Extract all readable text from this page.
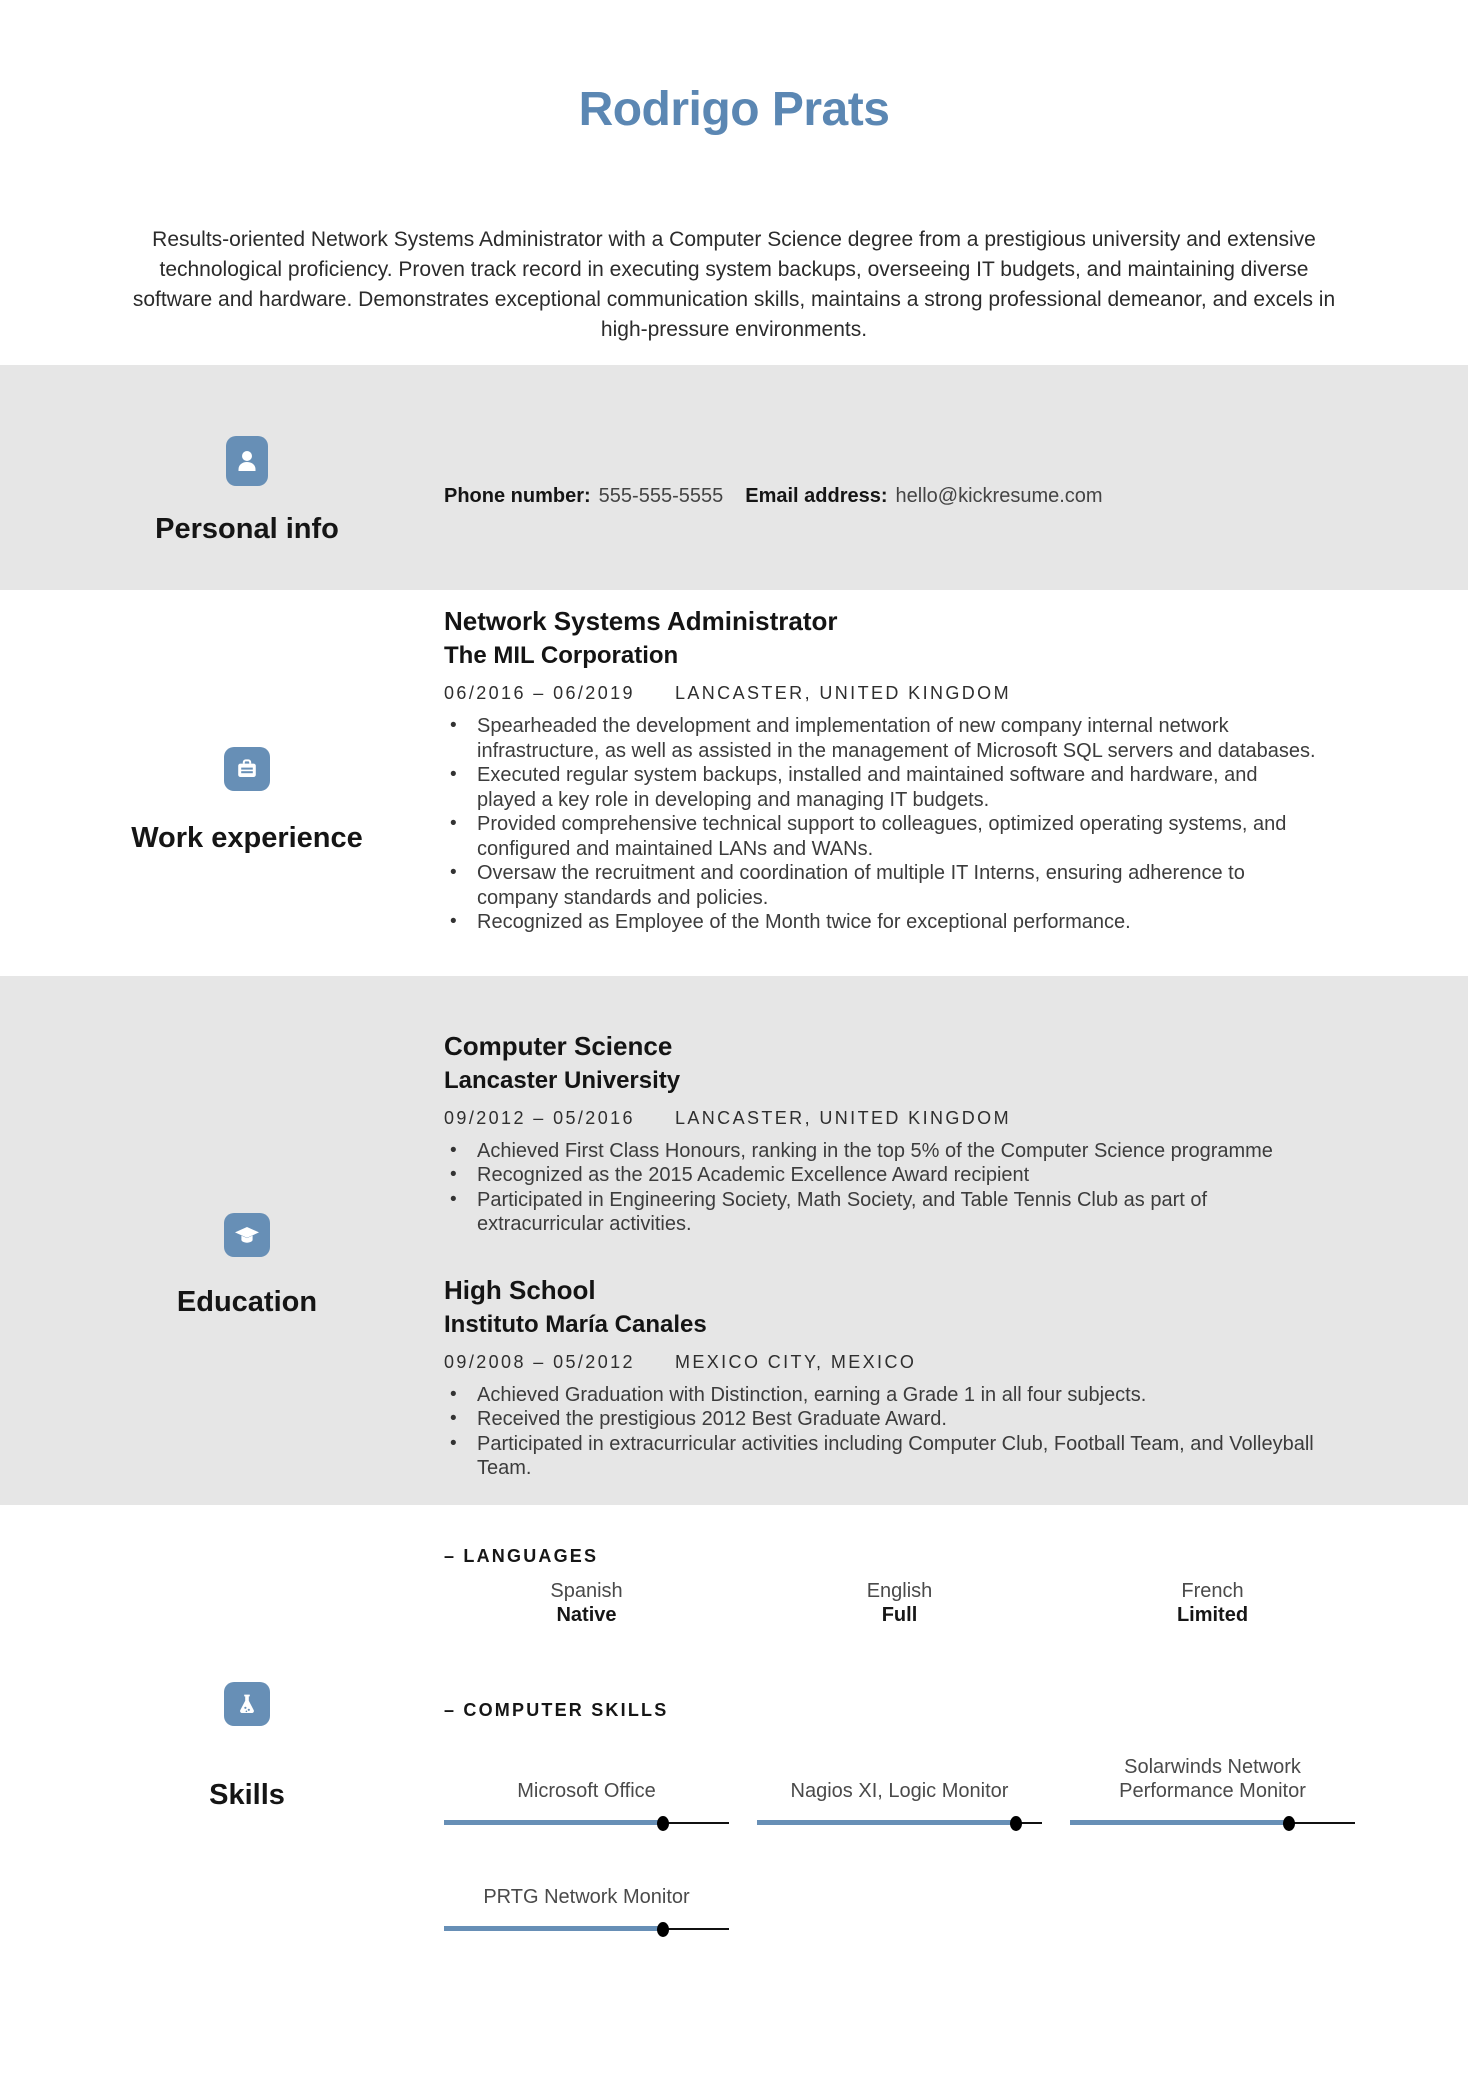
Rodrigo Prats

Results-oriented Network Systems Administrator with a Computer Science degree from a prestigious university and extensive technological proficiency. Proven track record in executing system backups, overseeing IT budgets, and maintaining diverse software and hardware. Demonstrates exceptional communication skills, maintains a strong professional demeanor, and excels in high-pressure environments.

Personal info
Phone number: 555-555-5555 Email address: hello@kickresume.com
Work experience
Network Systems Administrator
The MIL Corporation
06/2016 – 06/2019 LANCASTER, UNITED KINGDOM
• Spearheaded the development and implementation of new company internal network infrastructure, as well as assisted in the management of Microsoft SQL servers and databases.
• Executed regular system backups, installed and maintained software and hardware, and played a key role in developing and managing IT budgets.
• Provided comprehensive technical support to colleagues, optimized operating systems, and configured and maintained LANs and WANs.
• Oversaw the recruitment and coordination of multiple IT Interns, ensuring adherence to company standards and policies.
• Recognized as Employee of the Month twice for exceptional performance.
Education
Computer Science
Lancaster University
09/2012 – 05/2016 LANCASTER, UNITED KINGDOM
• Achieved First Class Honours, ranking in the top 5% of the Computer Science programme
• Recognized as the 2015 Academic Excellence Award recipient
• Participated in Engineering Society, Math Society, and Table Tennis Club as part of extracurricular activities.
High School
Instituto María Canales
09/2008 – 05/2012 MEXICO CITY, MEXICO
• Achieved Graduation with Distinction, earning a Grade 1 in all four subjects.
• Received the prestigious 2012 Best Graduate Award.
• Participated in extracurricular activities including Computer Club, Football Team, and Volleyball Team.
Skills
– LANGUAGES
Spanish
Native
English
Full
French
Limited
– COMPUTER SKILLS
Microsoft Office	Nagios XI, Logic Monitor
Solarwinds Network Performance Monitor
PRTG Network Monitor
